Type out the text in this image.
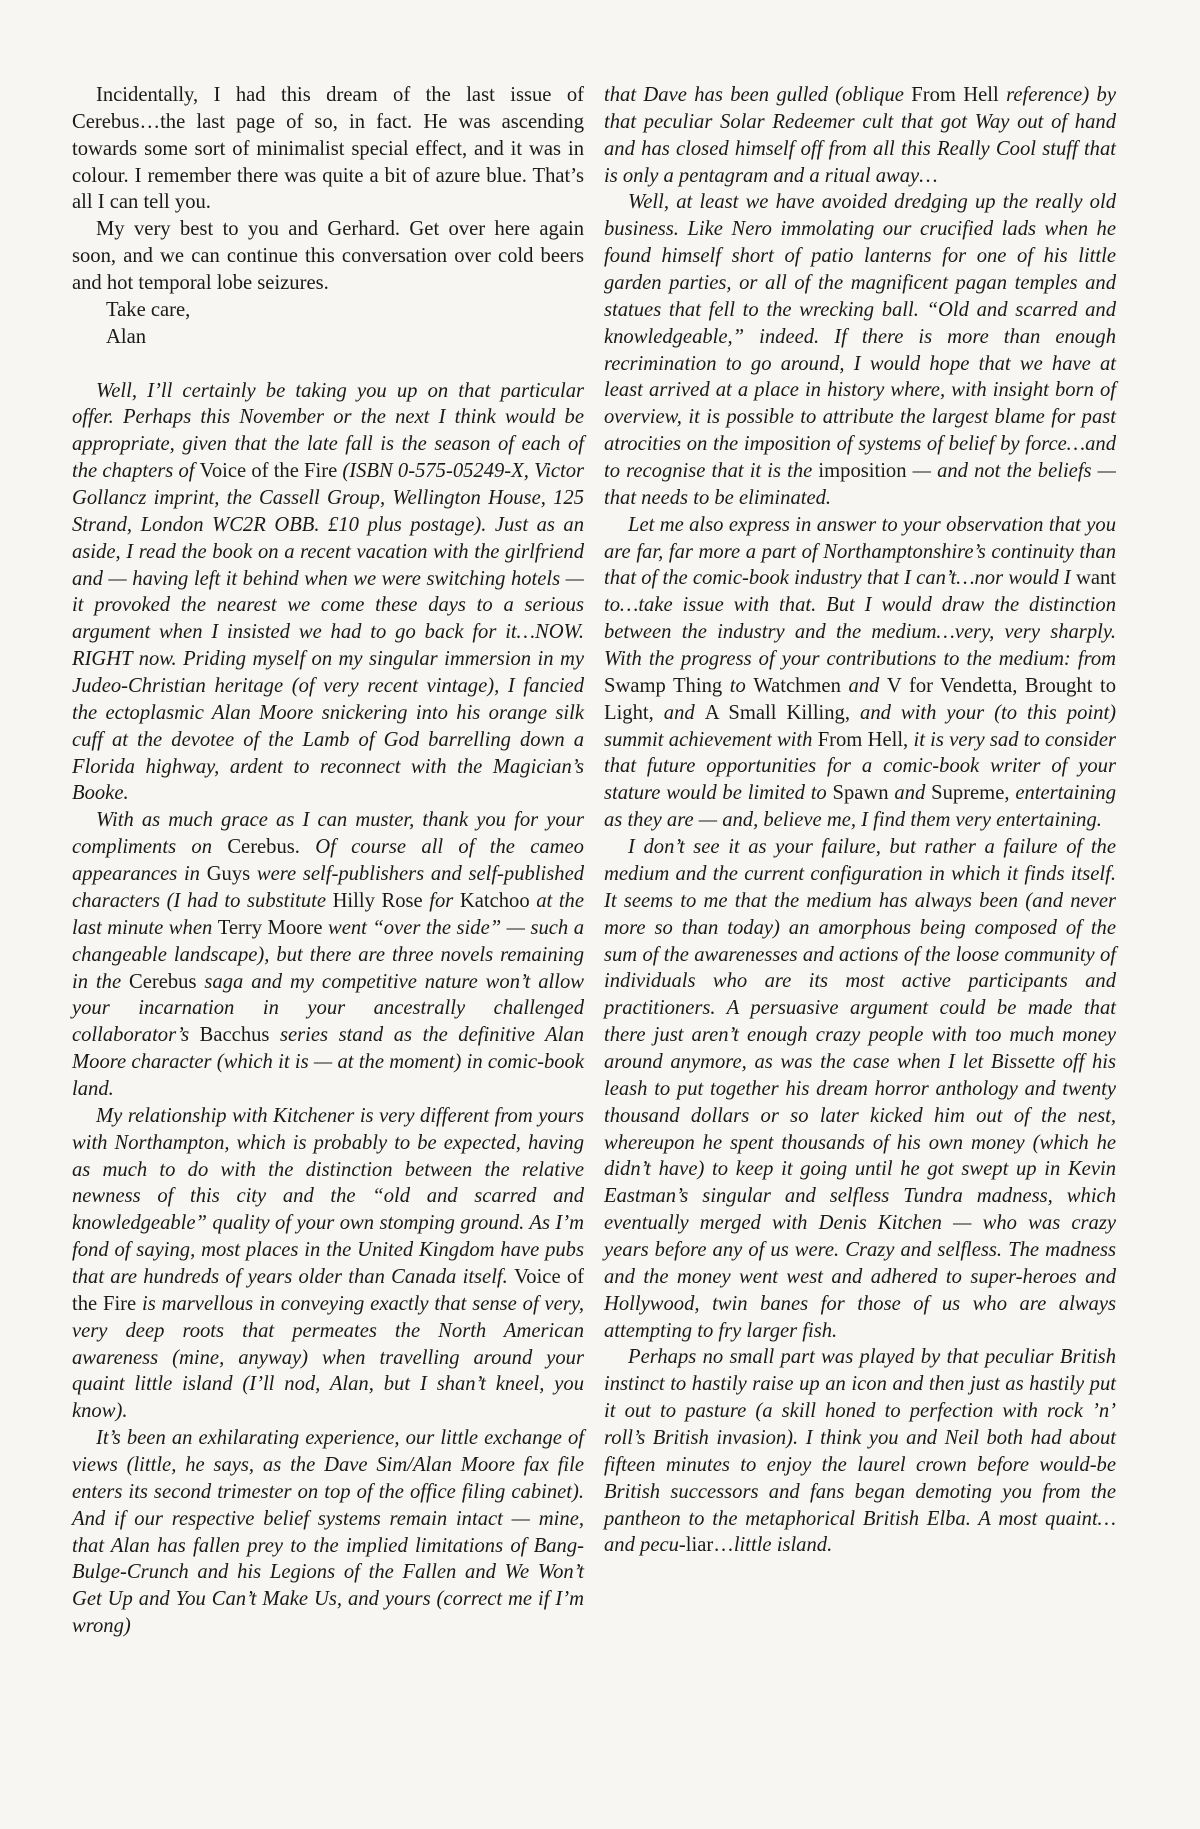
Incidentally, I had this dream of the last issue of Cerebus…the last page of so, in fact. He was ascending towards some sort of minimalist special effect, and it was in colour. I remember there was quite a bit of azure blue. That’s all I can tell you.

My very best to you and Gerhard. Get over here again soon, and we can continue this conversation over cold beers and hot temporal lobe seizures.

Take care,

Alan

Well, I’ll certainly be taking you up on that particular offer. Perhaps this November or the next I think would be appropriate, given that the late fall is the season of each of the chapters of Voice of the Fire (ISBN 0-575-05249-X, Victor Gollancz imprint, the Cassell Group, Wellington House, 125 Strand, London WC2R OBB. £10 plus postage). Just as an aside, I read the book on a recent vacation with the girlfriend and — having left it behind when we were switching hotels — it provoked the nearest we come these days to a serious argument when I insisted we had to go back for it…NOW. RIGHT now. Priding myself on my singular immersion in my Judeo-Christian heritage (of very recent vintage), I fancied the ectoplasmic Alan Moore snickering into his orange silk cuff at the devotee of the Lamb of God barrelling down a Florida highway, ardent to reconnect with the Magician’s Booke.

With as much grace as I can muster, thank you for your compliments on Cerebus. Of course all of the cameo appearances in Guys were self-publishers and self-published characters (I had to substitute Hilly Rose for Katchoo at the last minute when Terry Moore went “over the side” — such a changeable landscape), but there are three novels remaining in the Cerebus saga and my competitive nature won’t allow your incarnation in your ancestrally challenged collaborator’s Bacchus series stand as the definitive Alan Moore character (which it is — at the moment) in comic-book land.

My relationship with Kitchener is very different from yours with Northampton, which is probably to be expected, having as much to do with the distinction between the relative newness of this city and the “old and scarred and knowledgeable” quality of your own stomping ground. As I’m fond of saying, most places in the United Kingdom have pubs that are hundreds of years older than Canada itself. Voice of the Fire is marvellous in conveying exactly that sense of very, very deep roots that permeates the North American awareness (mine, anyway) when travelling around your quaint little island (I’ll nod, Alan, but I shan’t kneel, you know).

It’s been an exhilarating experience, our little exchange of views (little, he says, as the Dave Sim/Alan Moore fax file enters its second trimester on top of the office filing cabinet). And if our respective belief systems remain intact — mine, that Alan has fallen prey to the implied limitations of Bang-Bulge-Crunch and his Legions of the Fallen and We Won’t Get Up and You Can’t Make Us, and yours (correct me if I’m wrong)

that Dave has been gulled (oblique From Hell reference) by that peculiar Solar Redeemer cult that got Way out of hand and has closed himself off from all this Really Cool stuff that is only a pentagram and a ritual away…

Well, at least we have avoided dredging up the really old business. Like Nero immolating our crucified lads when he found himself short of patio lanterns for one of his little garden parties, or all of the magnificent pagan temples and statues that fell to the wrecking ball. “Old and scarred and knowledgeable,” indeed. If there is more than enough recrimination to go around, I would hope that we have at least arrived at a place in history where, with insight born of overview, it is possible to attribute the largest blame for past atrocities on the imposition of systems of belief by force…and to recognise that it is the imposition — and not the beliefs — that needs to be eliminated.

Let me also express in answer to your observation that you are far, far more a part of Northamptonshire’s continuity than that of the comic-book industry that I can’t…nor would I want to…take issue with that. But I would draw the distinction between the industry and the medium…very, very sharply. With the progress of your contributions to the medium: from Swamp Thing to Watchmen and V for Vendetta, Brought to Light, and A Small Killing, and with your (to this point) summit achievement with From Hell, it is very sad to consider that future opportunities for a comic-book writer of your stature would be limited to Spawn and Supreme, entertaining as they are — and, believe me, I find them very entertaining.

I don’t see it as your failure, but rather a failure of the medium and the current configuration in which it finds itself. It seems to me that the medium has always been (and never more so than today) an amorphous being composed of the sum of the awarenesses and actions of the loose community of individuals who are its most active participants and practitioners. A persuasive argument could be made that there just aren’t enough crazy people with too much money around anymore, as was the case when I let Bissette off his leash to put together his dream horror anthology and twenty thousand dollars or so later kicked him out of the nest, whereupon he spent thousands of his own money (which he didn’t have) to keep it going until he got swept up in Kevin Eastman’s singular and selfless Tundra madness, which eventually merged with Denis Kitchen — who was crazy years before any of us were. Crazy and selfless. The madness and the money went west and adhered to super-heroes and Hollywood, twin banes for those of us who are always attempting to fry larger fish.

Perhaps no small part was played by that peculiar British instinct to hastily raise up an icon and then just as hastily put it out to pasture (a skill honed to perfection with rock ’n’ roll’s British invasion). I think you and Neil both had about fifteen minutes to enjoy the laurel crown before would-be British successors and fans began demoting you from the pantheon to the metaphorical British Elba. A most quaint…and pecu-liar…little island.
